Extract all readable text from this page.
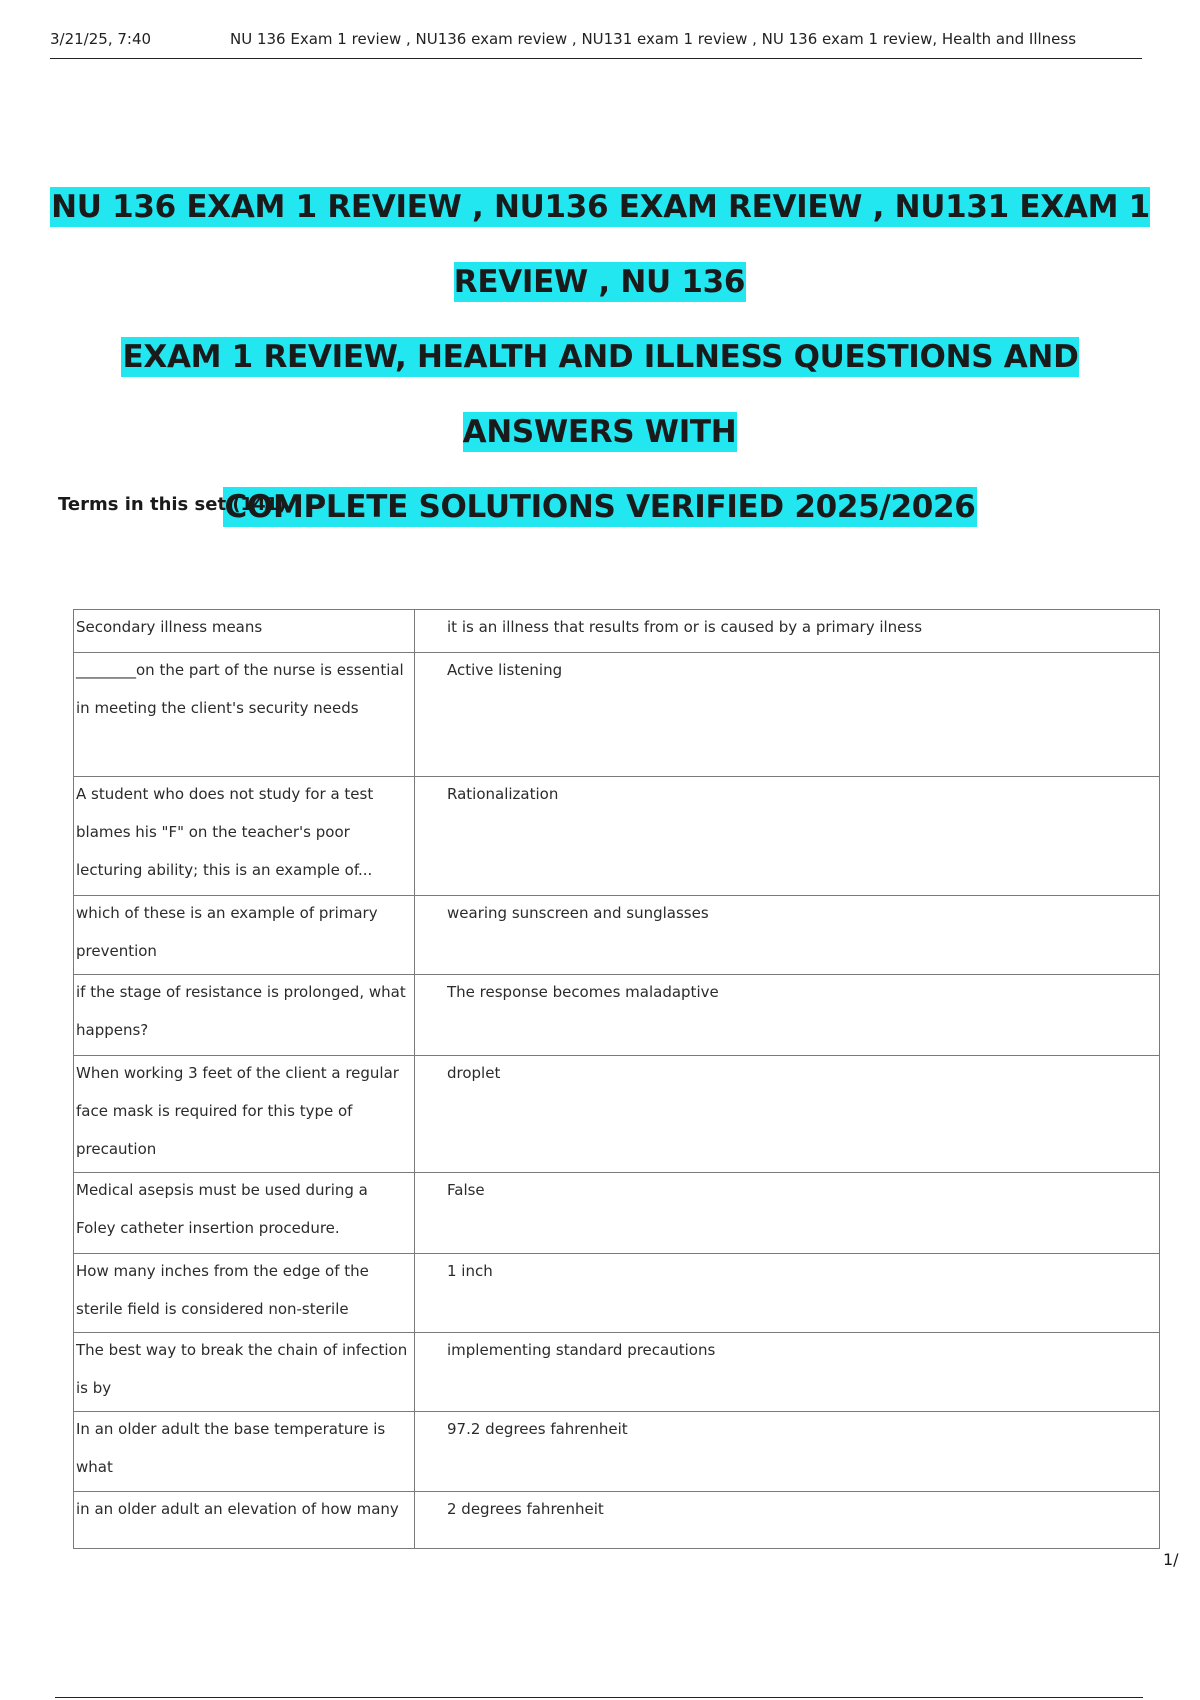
3/21/25, 7:40	NU 136 Exam 1 review , NU136 exam review , NU131 exam 1 review , NU 136 exam 1 review, Health and Illness
NU 136 EXAM 1 REVIEW , NU136 EXAM REVIEW , NU131 EXAM 1 REVIEW , NU 136
EXAM 1 REVIEW, HEALTH AND ILLNESS QUESTIONS AND ANSWERS WITH
COMPLETE SOLUTIONS VERIFIED 2025/2026
Terms in this set (141)
Secondary illness means	it is an illness that results from or is caused by a primary ilness

________on the part of the nurse is essential in meeting the client's security needs	Active listening

A student who does not study for a test blames his "F" on the teacher's poor lecturing ability; this is an example of...	Rationalization

which of these is an example of primary prevention	wearing sunscreen and sunglasses

if the stage of resistance is prolonged, what happens?	The response becomes maladaptive

When working 3 feet of the client a regular face mask is required for this type of precaution	droplet

Medical asepsis must be used during a Foley catheter insertion procedure.	False

How many inches from the edge of the sterile field is considered non-sterile	1 inch

The best way to break the chain of infection is by	implementing standard precautions

In an older adult the base temperature is what	97.2 degrees fahrenheit

in an older adult an elevation of how many	2 degrees fahrenheit
1/
